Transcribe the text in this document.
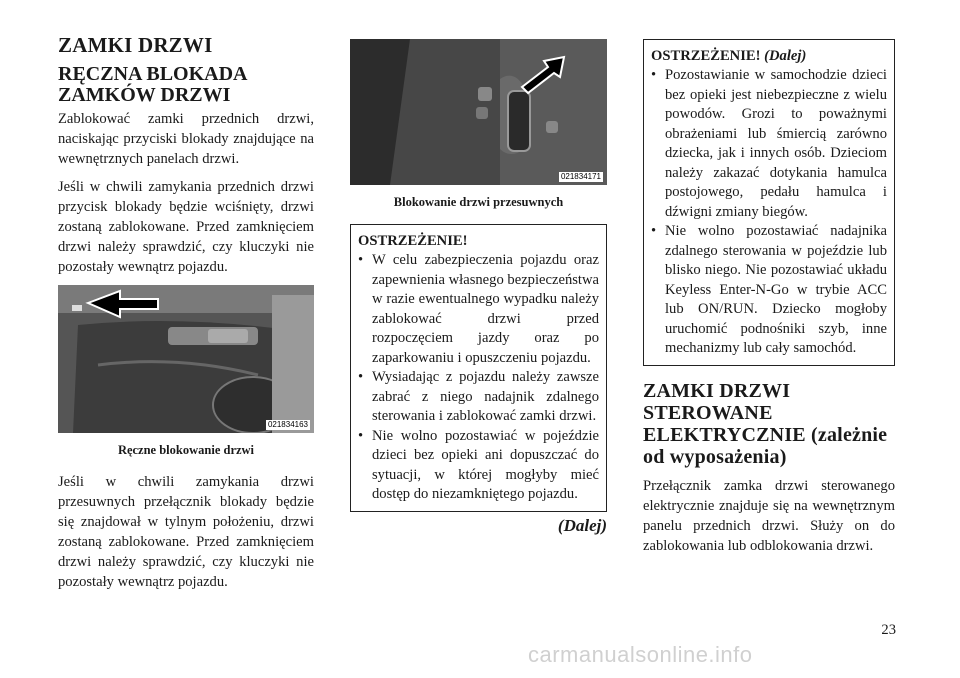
ZAMKI DRZWI
RĘCZNA BLOKADA ZAMKÓW DRZWI

Zablokować zamki przednich drzwi, naciskając przyciski blokady znajdujące na wewnętrznych panelach drzwi.

Jeśli w chwili zamykania przednich drzwi przycisk blokady będzie wciśnięty, drzwi zostaną zablokowane. Przed zamknięciem drzwi należy sprawdzić, czy kluczyki nie pozostały wewnątrz pojazdu.

021834163
Ręczne blokowanie drzwi

Jeśli w chwili zamykania drzwi przesuwnych przełącznik blokady będzie się znajdował w tylnym położeniu, drzwi zostaną zablokowane. Przed zamknięciem drzwi należy sprawdzić, czy kluczyki nie pozostały wewnątrz pojazdu.

021834171
Blokowanie drzwi przesuwnych
OSTRZEŻENIE!
• W celu zabezpieczenia pojazdu oraz zapewnienia własnego bezpieczeństwa w razie ewentualnego wypadku należy zablokować drzwi przed rozpoczęciem jazdy oraz po zaparkowaniu i opuszczeniu pojazdu.
• Wysiadając z pojazdu należy zawsze zabrać z niego nadajnik zdalnego sterowania i zablokować zamki drzwi.
• Nie wolno pozostawiać w pojeździe dzieci bez opieki ani dopuszczać do sytuacji, w której mogłyby mieć dostęp do niezamkniętego pojazdu.
(Dalej)
OSTRZEŻENIE! (Dalej)
• Pozostawianie w samochodzie dzieci bez opieki jest niebezpieczne z wielu powodów. Grozi to poważnymi obrażeniami lub śmiercią zarówno dziecka, jak i innych osób. Dzieciom należy zakazać dotykania hamulca postojowego, pedału hamulca i dźwigni zmiany biegów.
• Nie wolno pozostawiać nadajnika zdalnego sterowania w pojeździe lub blisko niego. Nie pozostawiać układu Keyless Enter-N-Go w trybie ACC lub ON/RUN. Dziecko mogłoby uruchomić podnośniki szyb, inne mechanizmy lub cały samochód.
ZAMKI DRZWI STEROWANE ELEKTRYCZNIE (zależnie od wyposażenia)

Przełącznik zamka drzwi sterowanego elektrycznie znajduje się na wewnętrznym panelu przednich drzwi. Służy on do zablokowania lub odblokowania drzwi.

23
carmanualsonline.info
